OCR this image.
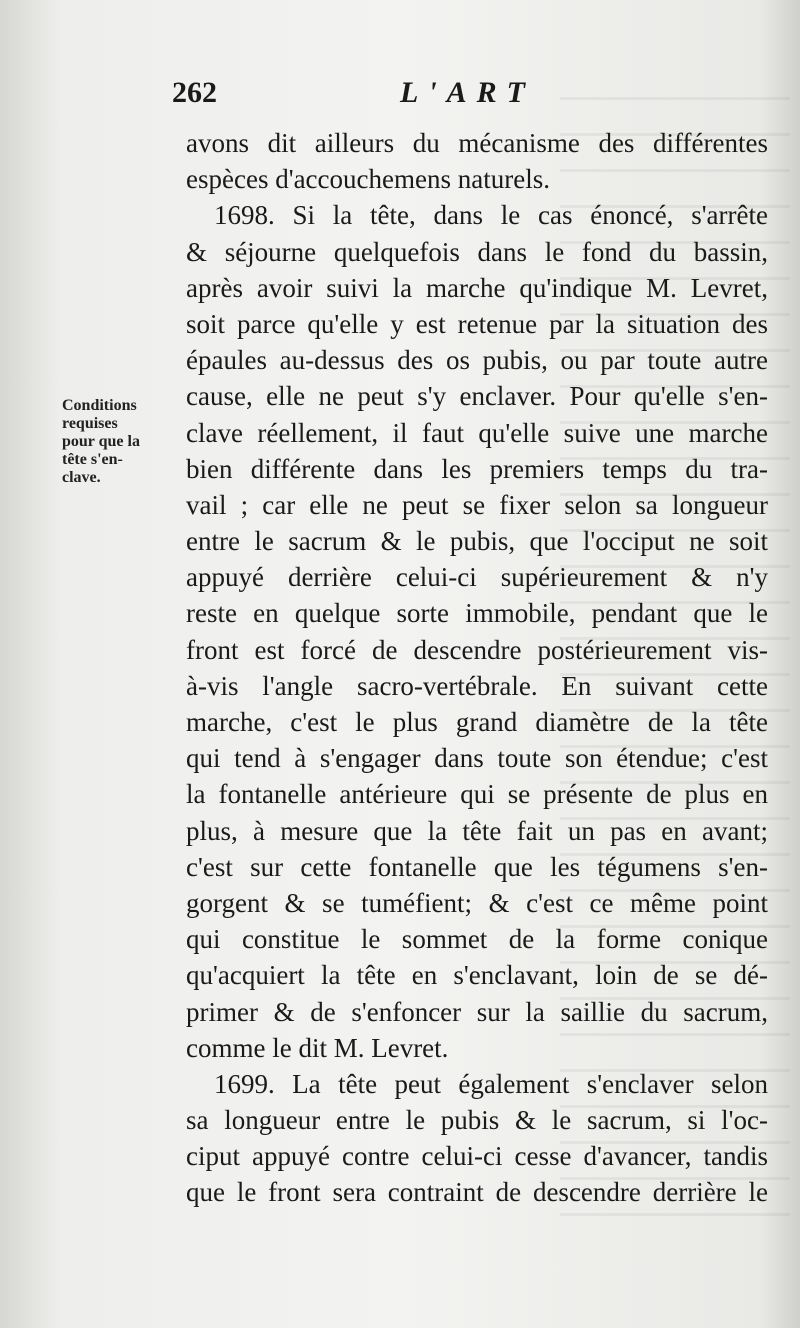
262	L'ART
Conditions
requises
pour que la
tête s'en-
clave.
avons dit ailleurs du mécanisme des différentes
espèces d'accouchemens naturels.
1698. Si la tête, dans le cas énoncé, s'arrête
& séjourne quelquefois dans le fond du bassin,
après avoir suivi la marche qu'indique M. Levret,
soit parce qu'elle y est retenue par la situation des
épaules au-dessus des os pubis, ou par toute autre
cause, elle ne peut s'y enclaver. Pour qu'elle s'en-
clave réellement, il faut qu'elle suive une marche
bien différente dans les premiers temps du tra-
vail ; car elle ne peut se fixer selon sa longueur
entre le sacrum & le pubis, que l'occiput ne soit
appuyé derrière celui-ci supérieurement & n'y
reste en quelque sorte immobile, pendant que le
front est forcé de descendre postérieurement vis-
à-vis l'angle sacro-vertébrale. En suivant cette
marche, c'est le plus grand diamètre de la tête
qui tend à s'engager dans toute son étendue; c'est
la fontanelle antérieure qui se présente de plus en
plus, à mesure que la tête fait un pas en avant;
c'est sur cette fontanelle que les tégumens s'en-
gorgent & se tuméfient; & c'est ce même point
qui constitue le sommet de la forme conique
qu'acquiert la tête en s'enclavant, loin de se dé-
primer & de s'enfoncer sur la saillie du sacrum,
comme le dit M. Levret.
1699. La tête peut également s'enclaver selon
sa longueur entre le pubis & le sacrum, si l'oc-
ciput appuyé contre celui-ci cesse d'avancer, tandis
que le front sera contraint de descendre derrière le
